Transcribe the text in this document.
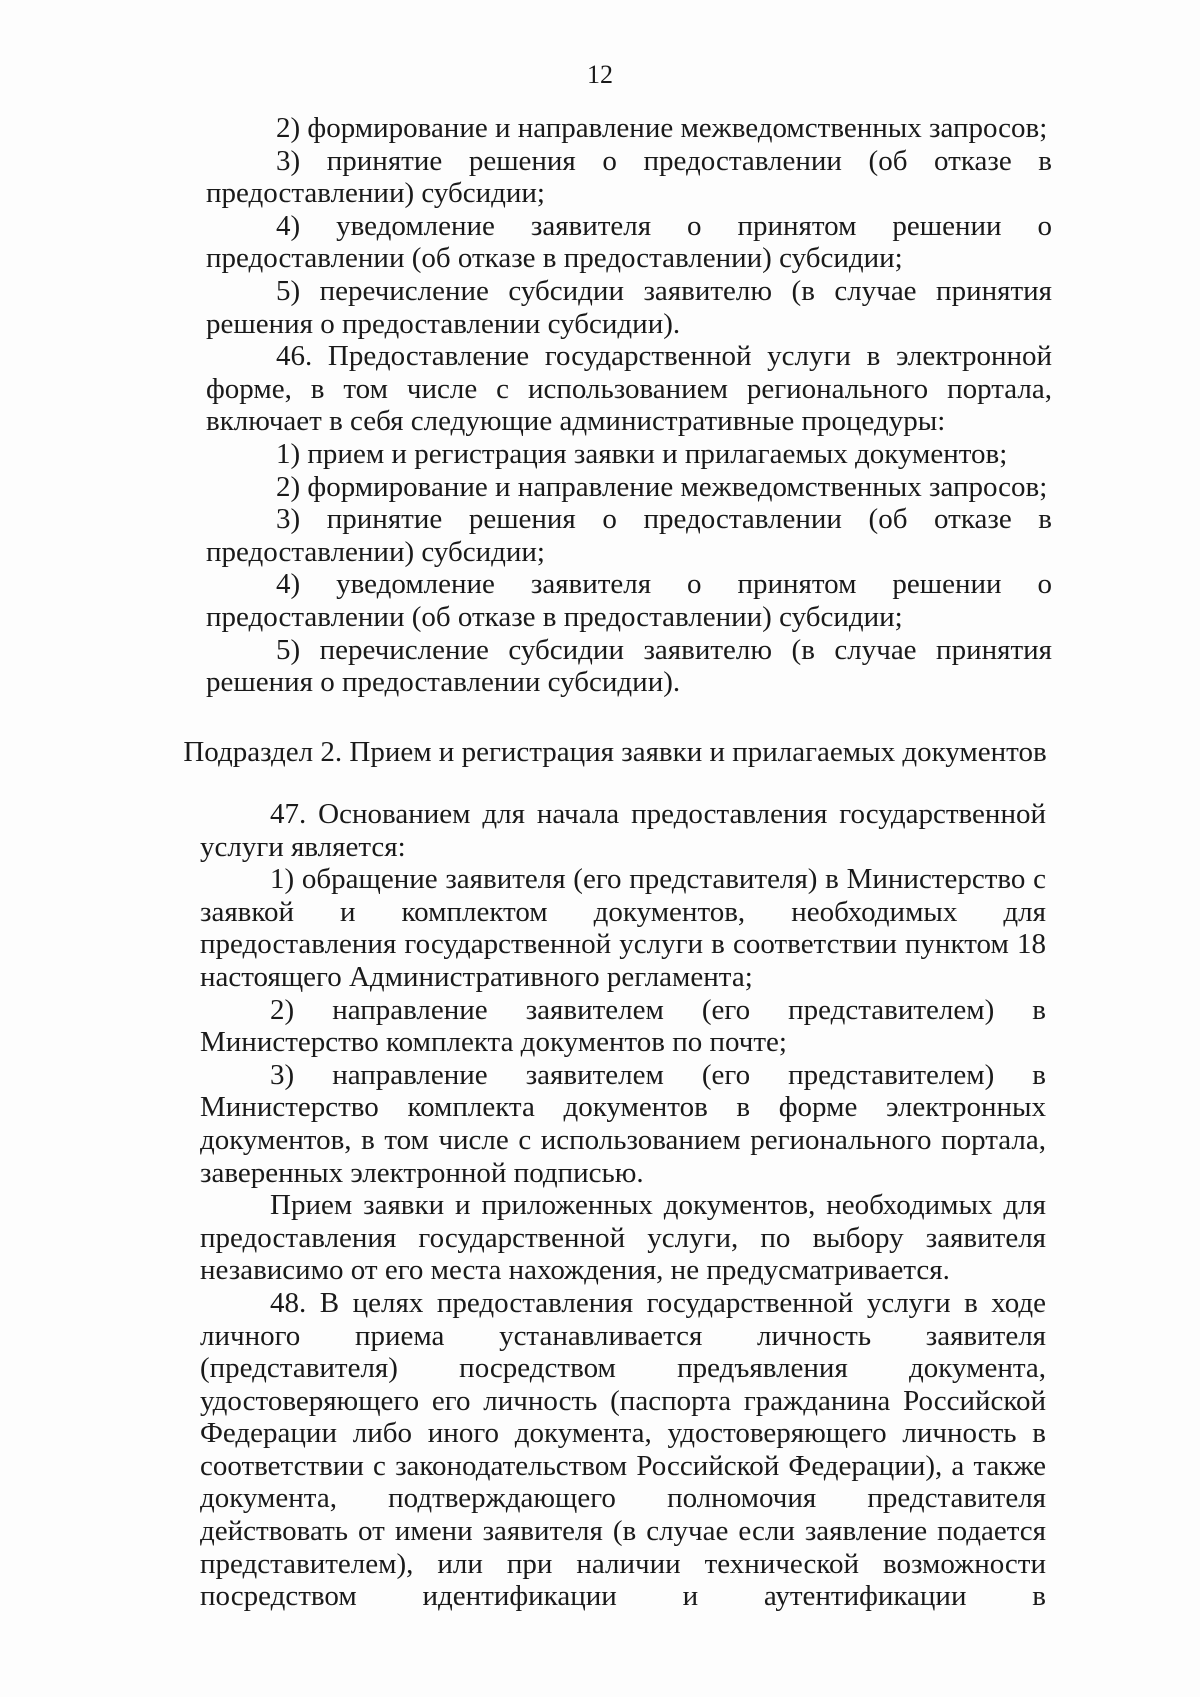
12

2) формирование и направление межведомственных запросов;

3) принятие решения о предоставлении (об отказе в предоставлении) субсидии;

4) уведомление заявителя о принятом решении о предоставлении (об отказе в предоставлении) субсидии;

5) перечисление субсидии заявителю (в случае принятия решения о предоставлении субсидии).

46. Предоставление государственной услуги в электронной форме, в том числе с использованием регионального портала, включает в себя следующие административные процедуры:

1) прием и регистрация заявки и прилагаемых документов;

2) формирование и направление межведомственных запросов;

3) принятие решения о предоставлении (об отказе в предоставлении) субсидии;

4) уведомление заявителя о принятом решении о предоставлении (об отказе в предоставлении) субсидии;

5) перечисление субсидии заявителю (в случае принятия решения о предоставлении субсидии).

Подраздел 2. Прием и регистрация заявки и прилагаемых документов

47. Основанием для начала предоставления государственной услуги является:

1) обращение заявителя (его представителя) в Министерство с заявкой и комплектом документов, необходимых для предоставления государственной услуги в соответствии пунктом 18 настоящего Административного регламента;

2) направление заявителем (его представителем) в Министерство комплекта документов по почте;

3) направление заявителем (его представителем) в Министерство комплекта документов в форме электронных документов, в том числе с использованием регионального портала, заверенных электронной подписью.

Прием заявки и приложенных документов, необходимых для предоставления государственной услуги, по выбору заявителя независимо от его места нахождения, не предусматривается.

48. В целях предоставления государственной услуги в ходе личного приема устанавливается личность заявителя (представителя) посредством предъявления документа, удостоверяющего его личность (паспорта гражданина Российской Федерации либо иного документа, удостоверяющего личность в соответствии с законодательством Российской Федерации), а также документа, подтверждающего полномочия представителя действовать от имени заявителя (в случае если заявление подается представителем), или при наличии технической возможности посредством идентификации и аутентификации в
